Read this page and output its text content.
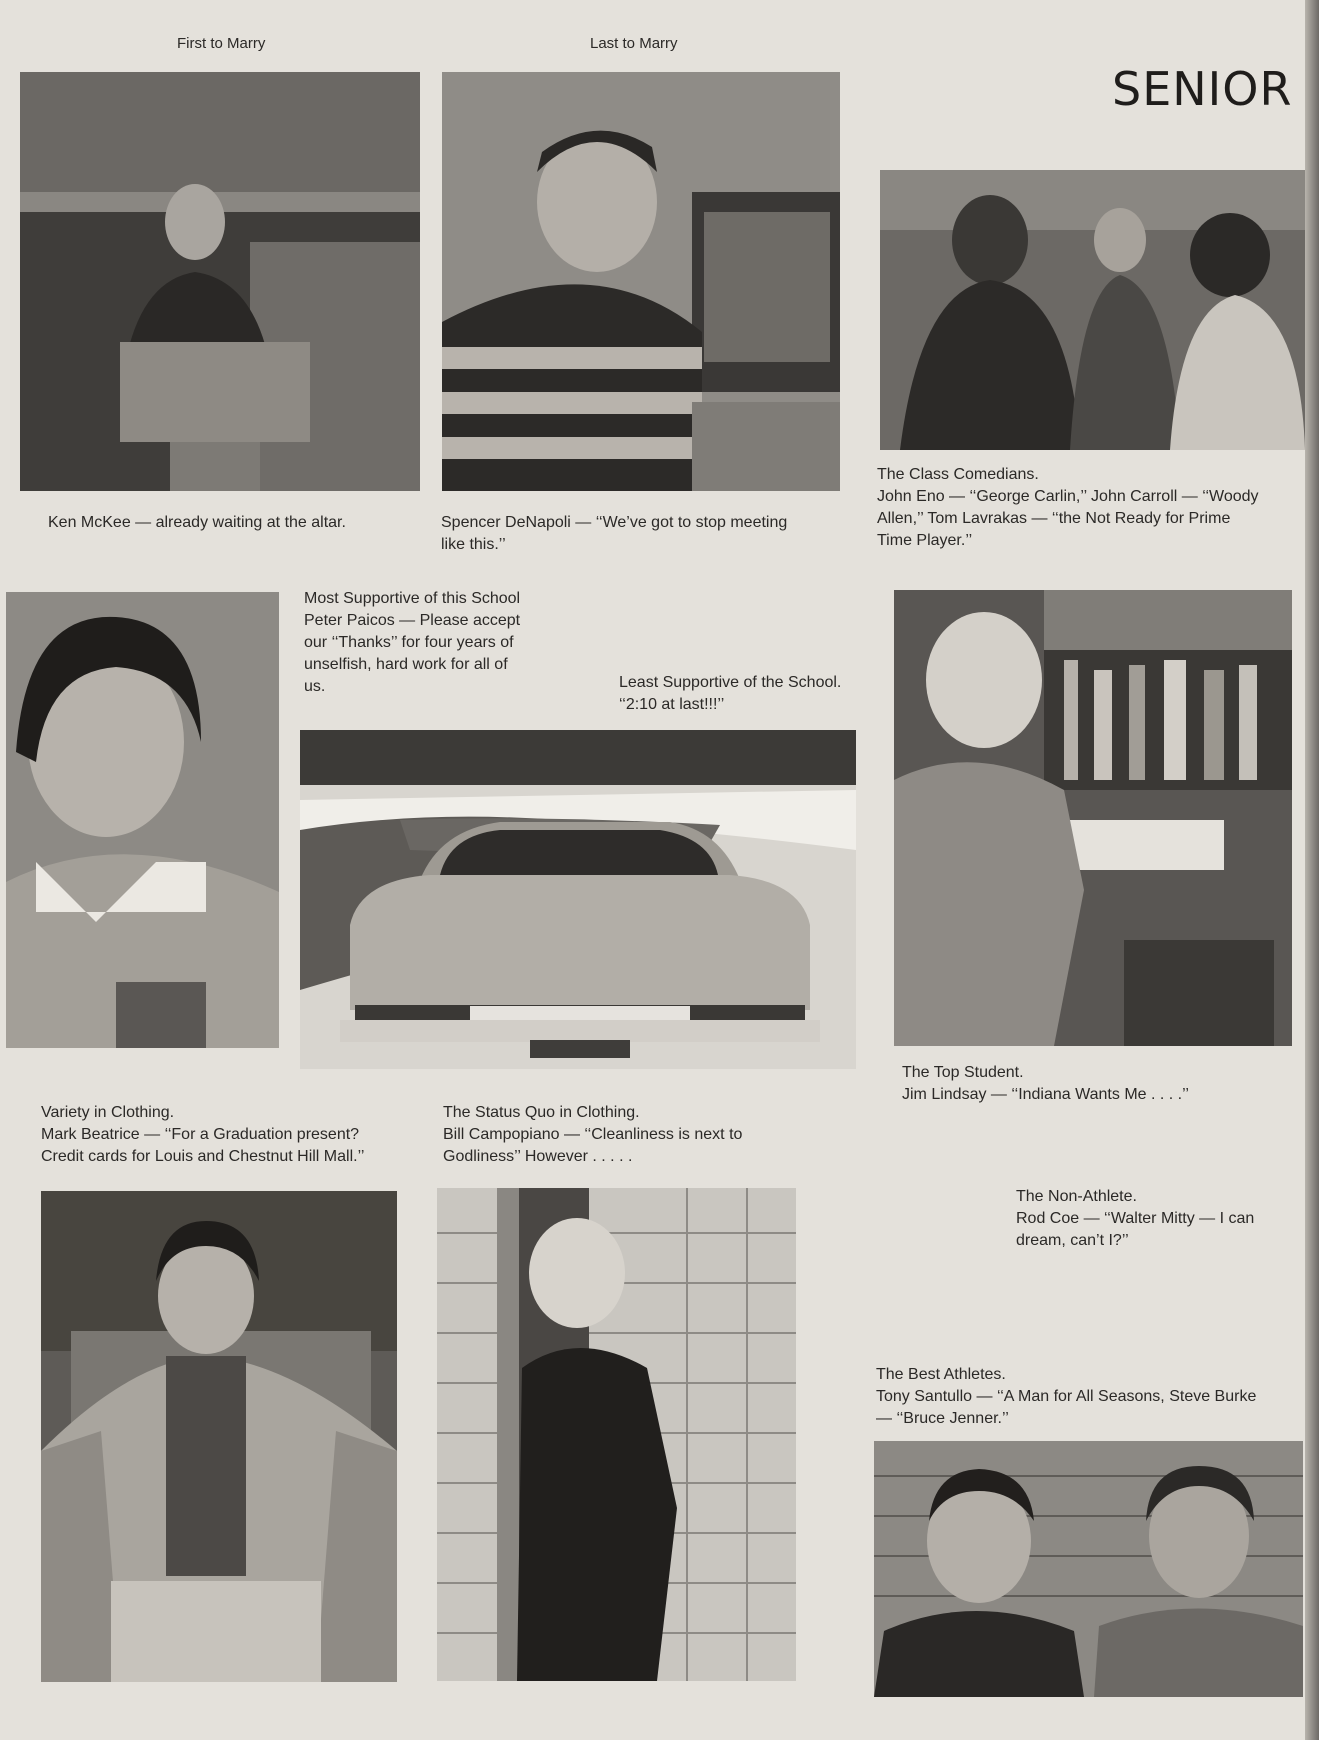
First to Marry	Last to Marry
SENIOR

Ken McKee — already waiting at the altar.	Spencer DeNapoli — ‘‘We’ve got to stop meeting
like this.’’

The Class Comedians.
John Eno — ‘‘George Carlin,’’ John Carroll — ‘‘Woody
Allen,’’ Tom Lavrakas — ‘‘the Not Ready for Prime
Time Player.’’

Most Supportive of this School
Peter Paicos — Please accept
our ‘‘Thanks’’ for four years of
unselfish, hard work for all of
us.	Least Supportive of the School.
‘‘2:10 at last!!!’’

The Top Student.
Jim Lindsay — ‘‘Indiana Wants Me . . . .’’

Variety in Clothing.
Mark Beatrice — ‘‘For a Graduation present?
Credit cards for Louis and Chestnut Hill Mall.’’

The Status Quo in Clothing.
Bill Campopiano — ‘‘Cleanliness is next to
Godliness’’ However . . . . .

The Non-Athlete.
Rod Coe — ‘‘Walter Mitty — I can
dream, can’t I?’’

The Best Athletes.
Tony Santullo — ‘‘A Man for All Seasons, Steve Burke
— ‘‘Bruce Jenner.’’
